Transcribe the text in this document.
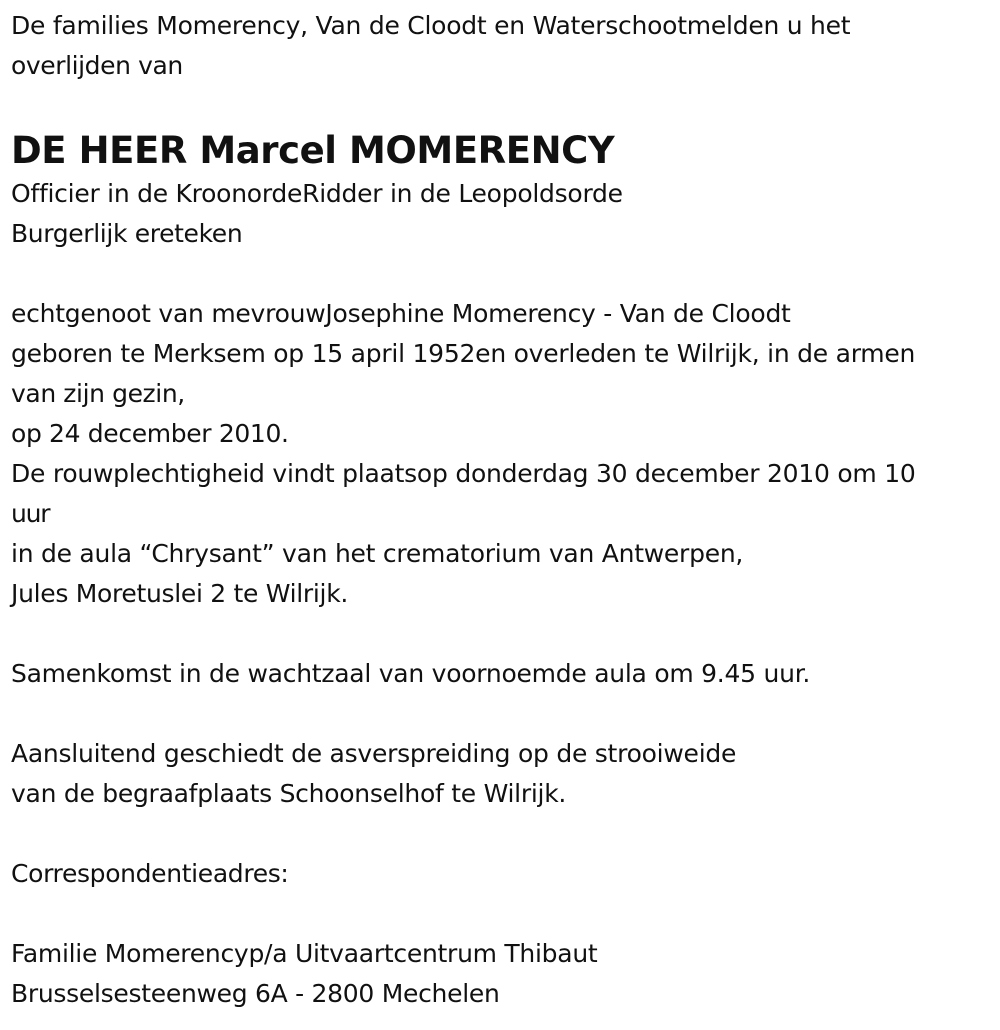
De families Momerency, Van de Cloodt en Waterschootmelden u het
overlijden van
DE HEER Marcel MOMERENCY
Officier in de KroonordeRidder in de Leopoldsorde
Burgerlijk ereteken
echtgenoot van mevrouwJosephine Momerency - Van de Cloodt
geboren te Merksem op 15 april 1952en overleden te Wilrijk, in de armen
van zijn gezin,
op 24 december 2010.
De rouwplechtigheid vindt plaatsop donderdag 30 december 2010 om 10
uur
in de aula “Chrysant” van het crematorium van Antwerpen,
Jules Moretuslei 2 te Wilrijk.
Samenkomst in de wachtzaal van voornoemde aula om 9.45 uur.
Aansluitend geschiedt de asverspreiding op de strooiweide
van de begraafplaats Schoonselhof te Wilrijk.
Correspondentieadres:
Familie Momerencyp/a Uitvaartcentrum Thibaut
Brusselsesteenweg 6A - 2800 Mechelen
